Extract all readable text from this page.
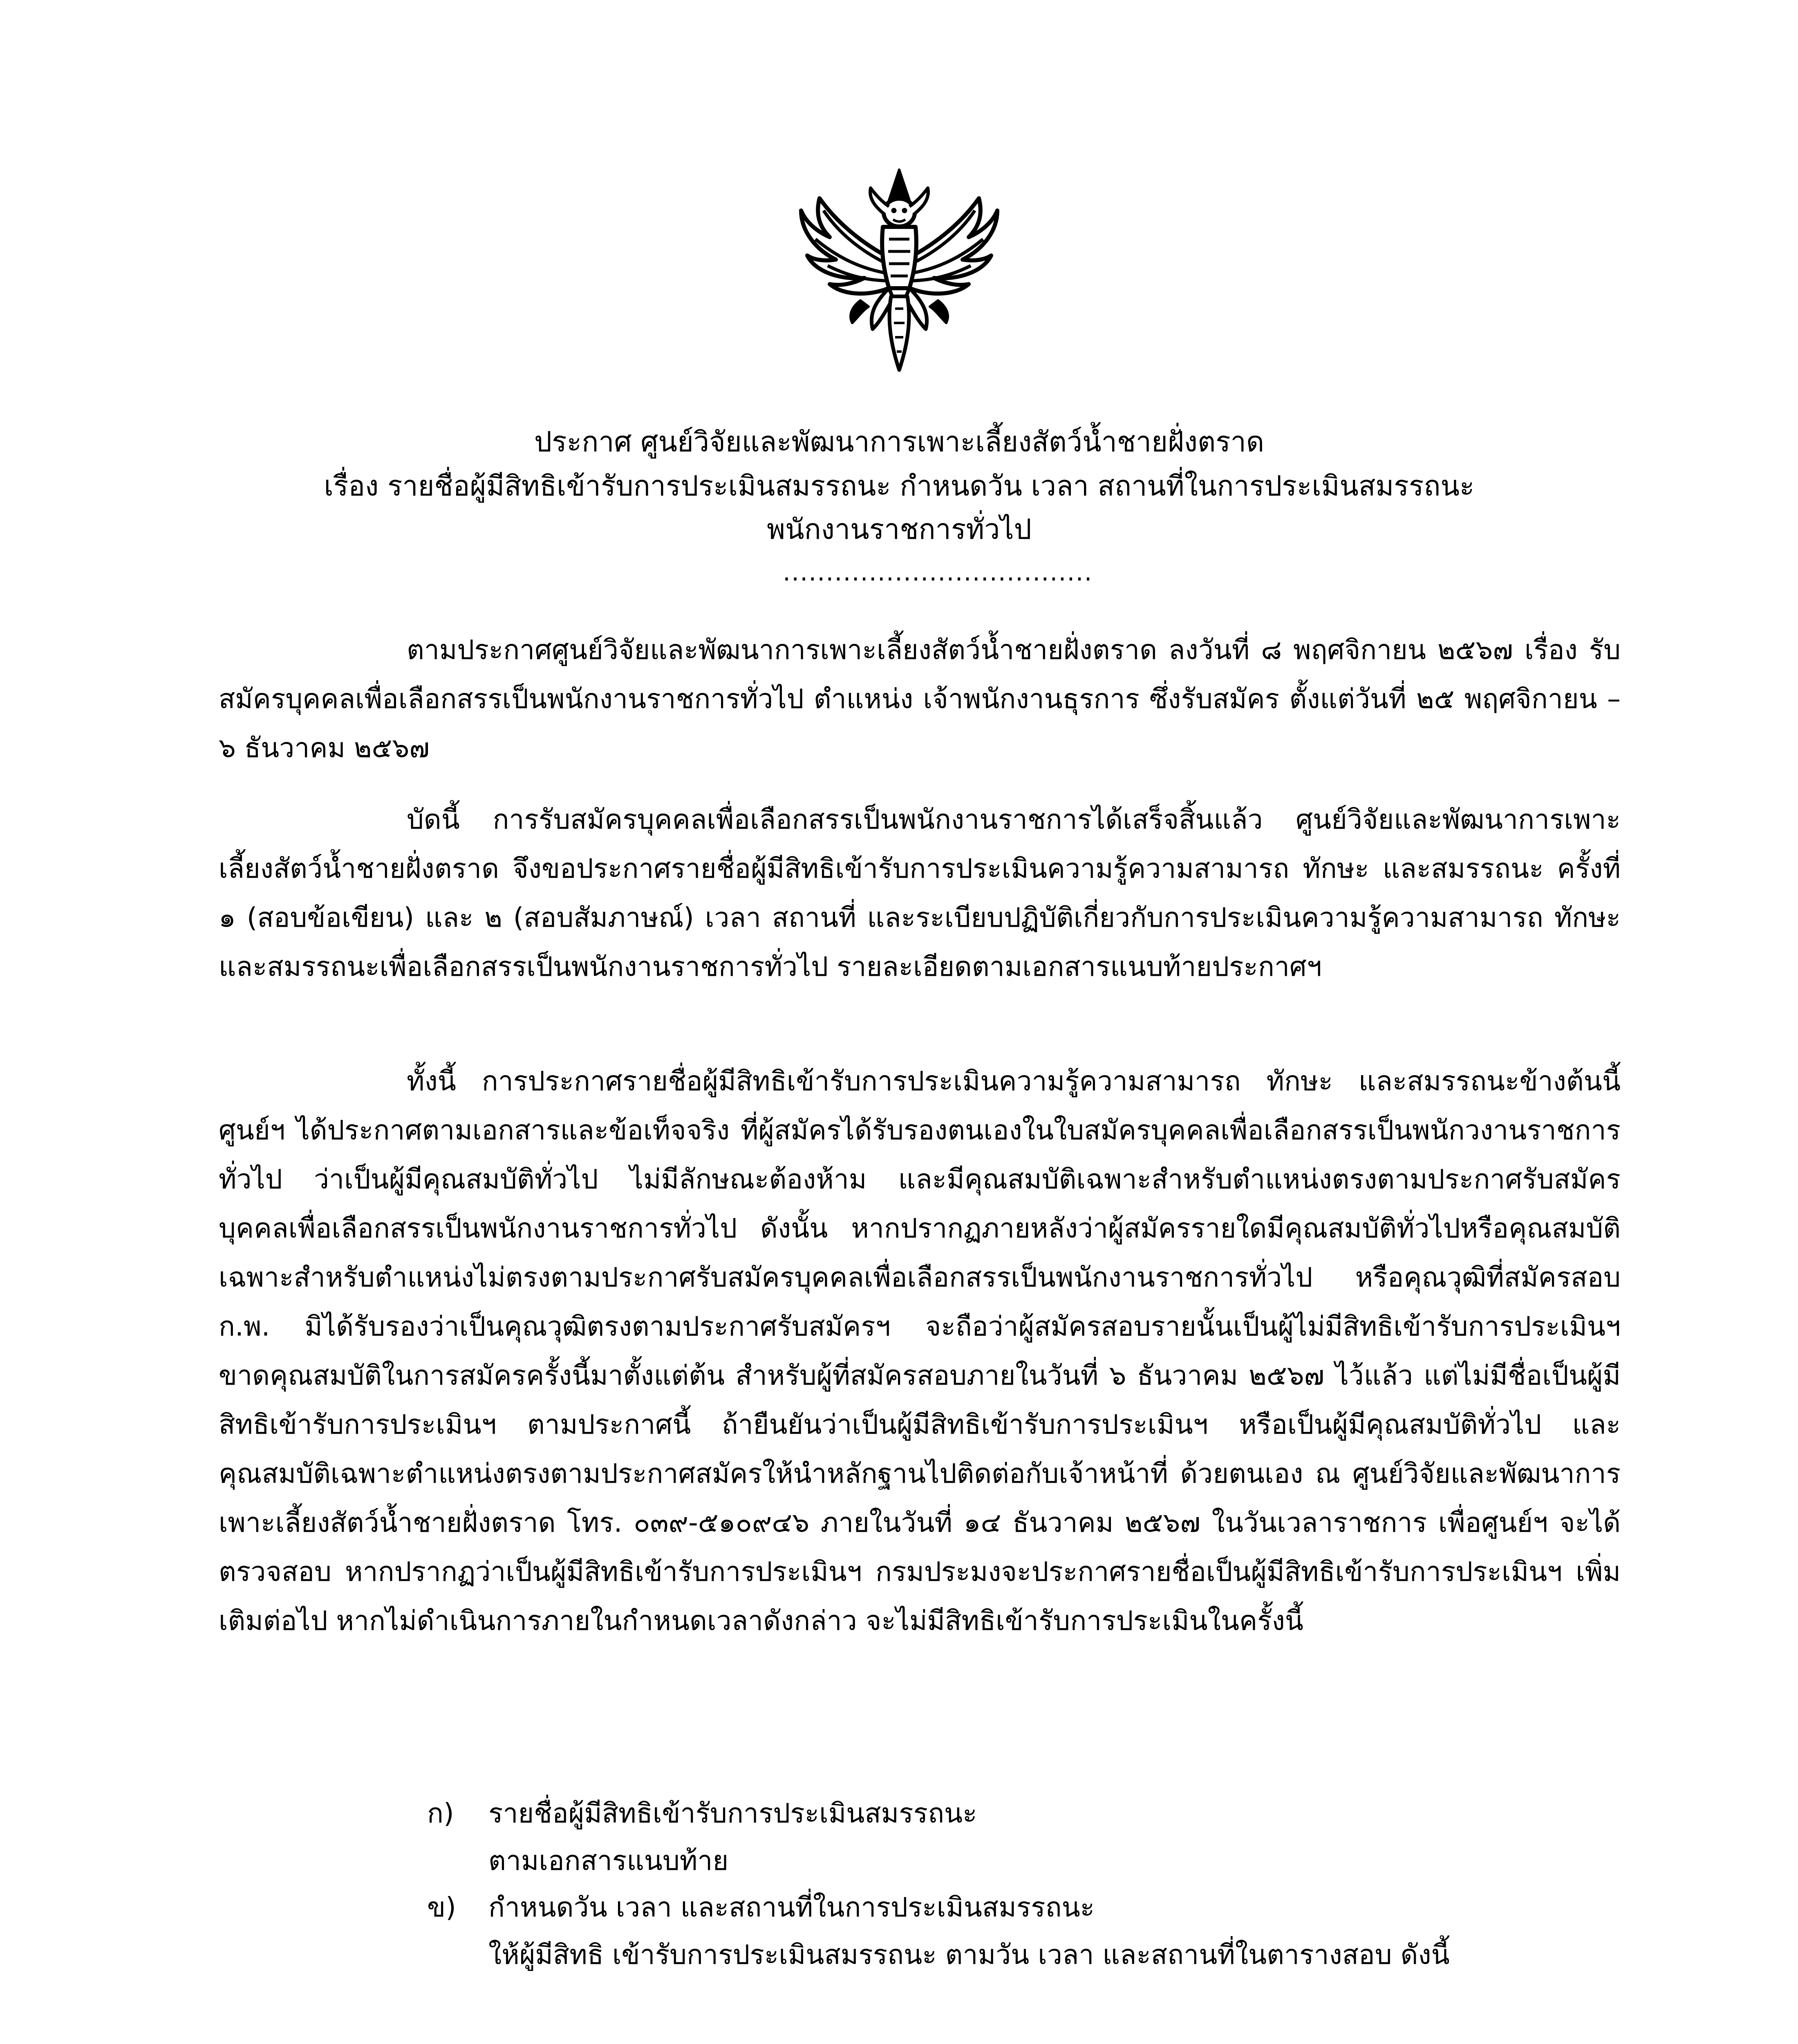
ประกาศ ศูนย์วิจัยและพัฒนาการเพาะเลี้ยงสัตว์น้ำชายฝั่งตราด
เรื่อง รายชื่อผู้มีสิทธิเข้ารับการประเมินสมรรถนะ กำหนดวัน เวลา สถานที่ในการประเมินสมรรถนะ
พนักงานราชการทั่วไป
....................................

ตามประกาศศูนย์วิจัยและพัฒนาการเพาะเลี้ยงสัตว์น้ำชายฝั่งตราด ลงวันที่ ๘ พฤศจิกายน ๒๕๖๗ เรื่อง รับสมัครบุคคลเพื่อเลือกสรรเป็นพนักงานราชการทั่วไป ตำแหน่ง เจ้าพนักงานธุรการ ซึ่งรับสมัคร ตั้งแต่วันที่ ๒๕ พฤศจิกายน – ๖ ธันวาคม ๒๕๖๗

บัดนี้ การรับสมัครบุคคลเพื่อเลือกสรรเป็นพนักงานราชการได้เสร็จสิ้นแล้ว ศูนย์วิจัยและพัฒนาการเพาะเลี้ยงสัตว์น้ำชายฝั่งตราด จึงขอประกาศรายชื่อผู้มีสิทธิเข้ารับการประเมินความรู้ความสามารถ ทักษะ และสมรรถนะ ครั้งที่ ๑ (สอบข้อเขียน) และ ๒ (สอบสัมภาษณ์) เวลา สถานที่ และระเบียบปฏิบัติเกี่ยวกับการประเมินความรู้ความสามารถ ทักษะและสมรรถนะเพื่อเลือกสรรเป็นพนักงานราชการทั่วไป รายละเอียดตามเอกสารแนบท้ายประกาศฯ

ทั้งนี้ การประกาศรายชื่อผู้มีสิทธิเข้ารับการประเมินความรู้ความสามารถ ทักษะ และสมรรถนะข้างต้นนี้ ศูนย์ฯ ได้ประกาศตามเอกสารและข้อเท็จจริง ที่ผู้สมัครได้รับรองตนเองในใบสมัครบุคคลเพื่อเลือกสรรเป็นพนักวงานราชการทั่วไป ว่าเป็นผู้มีคุณสมบัติทั่วไป ไม่มีลักษณะต้องห้าม และมีคุณสมบัติเฉพาะสำหรับตำแหน่งตรงตามประกาศรับสมัครบุคคลเพื่อเลือกสรรเป็นพนักงานราชการทั่วไป ดังนั้น หากปรากฏภายหลังว่าผู้สมัครรายใดมีคุณสมบัติทั่วไปหรือคุณสมบัติเฉพาะสำหรับตำแหน่งไม่ตรงตามประกาศรับสมัครบุคคลเพื่อเลือกสรรเป็นพนักงานราชการทั่วไป หรือคุณวุฒิที่สมัครสอบ ก.พ. มิได้รับรองว่าเป็นคุณวุฒิตรงตามประกาศรับสมัครฯ จะถือว่าผู้สมัครสอบรายนั้นเป็นผู้ไม่มีสิทธิเข้ารับการประเมินฯ ขาดคุณสมบัติในการสมัครครั้งนี้มาตั้งแต่ต้น สำหรับผู้ที่สมัครสอบภายในวันที่ ๖ ธันวาคม ๒๕๖๗ ไว้แล้ว แต่ไม่มีชื่อเป็นผู้มีสิทธิเข้ารับการประเมินฯ ตามประกาศนี้ ถ้ายืนยันว่าเป็นผู้มีสิทธิเข้ารับการประเมินฯ หรือเป็นผู้มีคุณสมบัติทั่วไป และคุณสมบัติเฉพาะตำแหน่งตรงตามประกาศสมัครให้นำหลักฐานไปติดต่อกับเจ้าหน้าที่ ด้วยตนเอง ณ ศูนย์วิจัยและพัฒนาการเพาะเลี้ยงสัตว์น้ำชายฝั่งตราด โทร. ๐๓๙-๕๑๐๙๔๖ ภายในวันที่ ๑๔ ธันวาคม ๒๕๖๗ ในวันเวลาราชการ เพื่อศูนย์ฯ จะได้ตรวจสอบ หากปรากฏว่าเป็นผู้มีสิทธิเข้ารับการประเมินฯ กรมประมงจะประกาศรายชื่อเป็นผู้มีสิทธิเข้ารับการประเมินฯ เพิ่มเติมต่อไป หากไม่ดำเนินการภายในกำหนดเวลาดังกล่าว จะไม่มีสิทธิเข้ารับการประเมินในครั้งนี้

ก)	รายชื่อผู้มีสิทธิเข้ารับการประเมินสมรรถนะ
ตามเอกสารแนบท้าย
ข)	กำหนดวัน เวลา และสถานที่ในการประเมินสมรรถนะ
ให้ผู้มีสิทธิ เข้ารับการประเมินสมรรถนะ ตามวัน เวลา และสถานที่ในตารางสอบ ดังนี้
